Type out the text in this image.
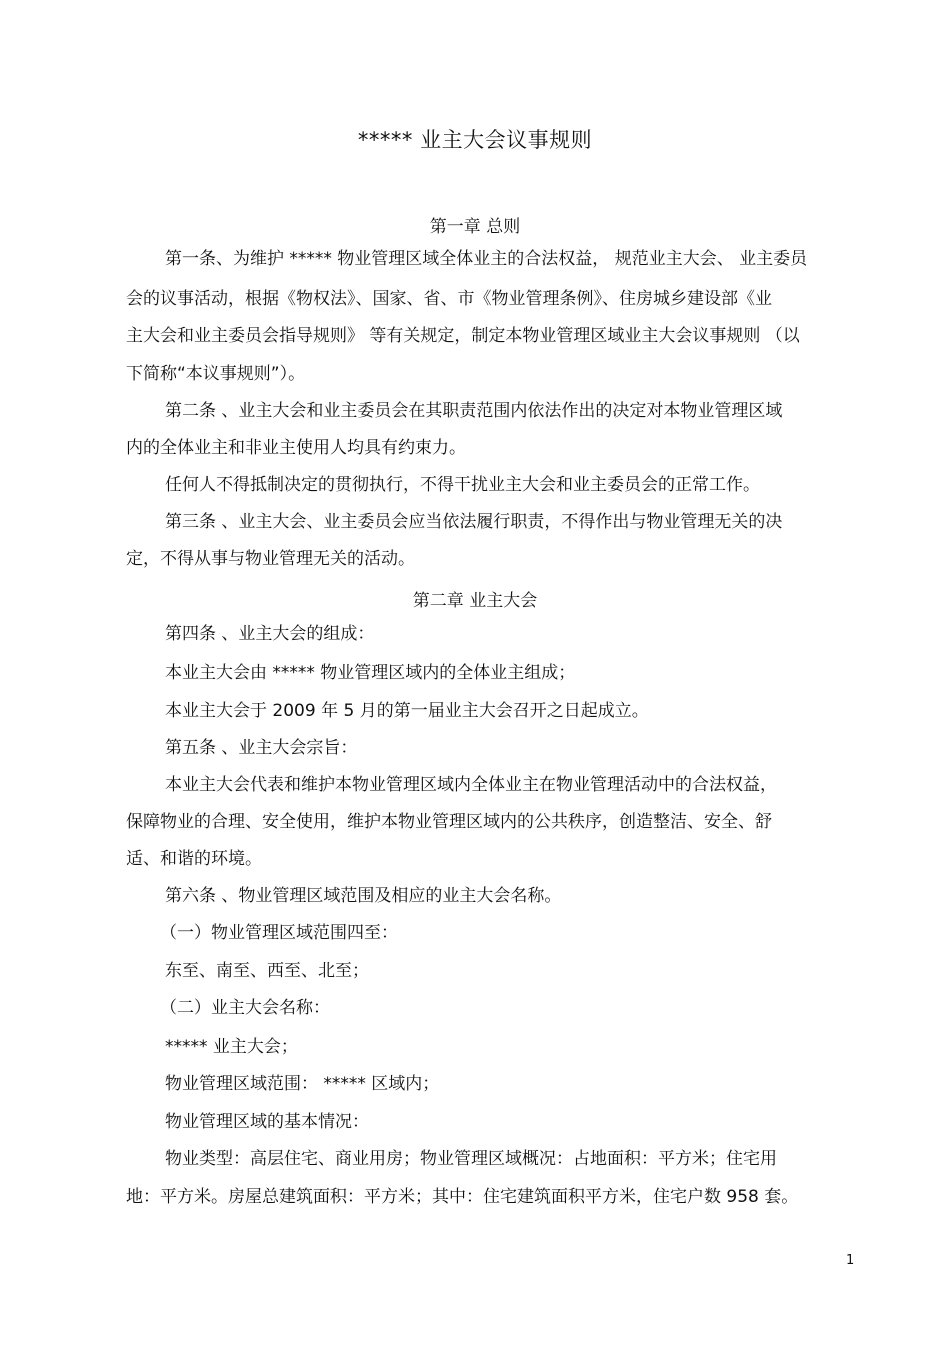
***** 业主大会议事规则
第一章 总则
第一条、为维护 ***** 物业管理区域全体业主的合法权益， 规范业主大会、 业主委员
会的议事活动，根据《物权法》、国家、省、市《物业管理条例》、住房城乡建设部《业
主大会和业主委员会指导规则》 等有关规定，制定本物业管理区域业主大会议事规则 （以
下简称“本议事规则”）。
第二条 、业主大会和业主委员会在其职责范围内依法作出的决定对本物业管理区域
内的全体业主和非业主使用人均具有约束力。
任何人不得抵制决定的贯彻执行，不得干扰业主大会和业主委员会的正常工作。
第三条 、业主大会、业主委员会应当依法履行职责，不得作出与物业管理无关的决
定，不得从事与物业管理无关的活动。
第二章 业主大会
第四条 、业主大会的组成：
本业主大会由 ***** 物业管理区域内的全体业主组成；
本业主大会于 2009 年 5 月的第一届业主大会召开之日起成立。
第五条 、业主大会宗旨：
本业主大会代表和维护本物业管理区域内全体业主在物业管理活动中的合法权益，
保障物业的合理、安全使用，维护本物业管理区域内的公共秩序，创造整洁、安全、舒
适、和谐的环境。
第六条 、物业管理区域范围及相应的业主大会名称。
（一）物业管理区域范围四至：
东至、南至、西至、北至；
（二）业主大会名称：
***** 业主大会；
物业管理区域范围： ***** 区域内；
物业管理区域的基本情况：
物业类型：高层住宅、商业用房；物业管理区域概况：占地面积：平方米；住宅用
地：平方米。房屋总建筑面积：平方米；其中：住宅建筑面积平方米，住宅户数 958 套。
1
